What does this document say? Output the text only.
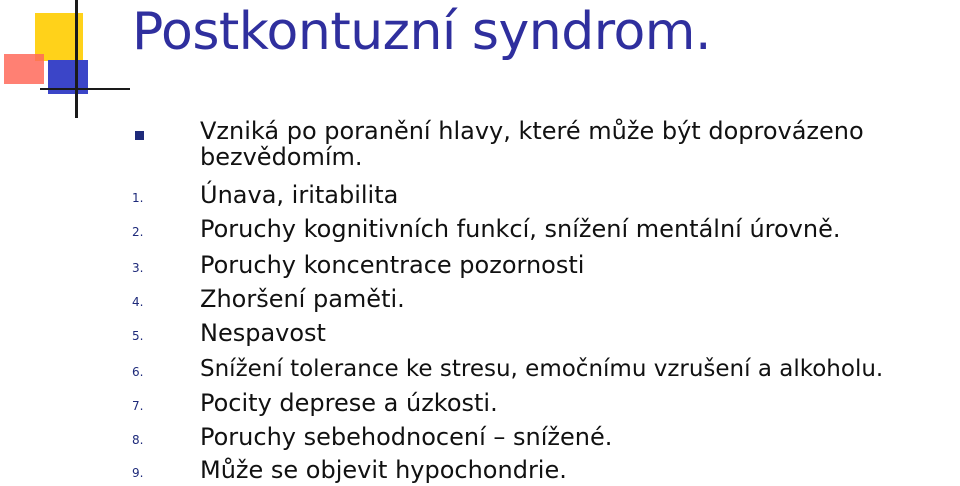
Postkontuzní syndrom.
Vzniká po poranění hlavy, které může být doprovázeno bezvědomím.
1. Únava, iritabilita
2. Poruchy kognitivních funkcí, snížení mentální úrovně.
3. Poruchy koncentrace pozornosti
4. Zhoršení paměti.
5. Nespavost
6. Snížení tolerance ke stresu, emočnímu vzrušení a alkoholu.
7. Pocity deprese a úzkosti.
8. Poruchy sebehodnocení – snížené.
9. Může se objevit hypochondrie.
